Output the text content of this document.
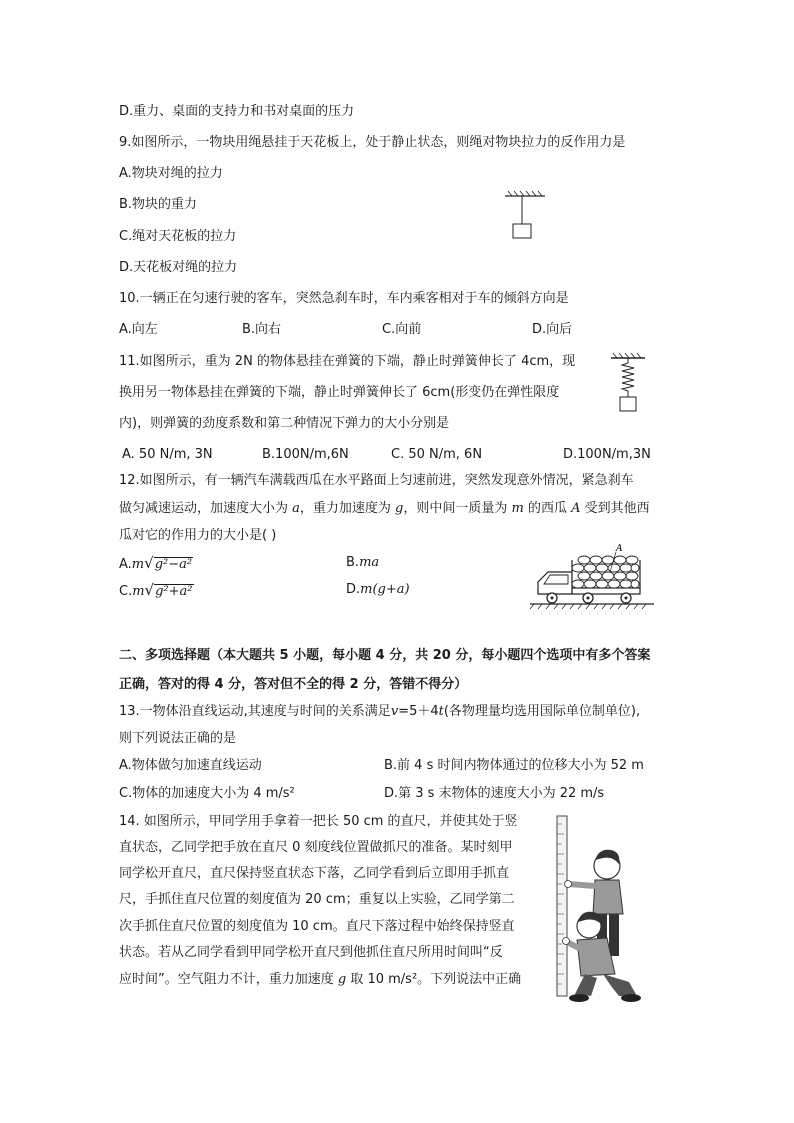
D.重力、桌面的支持力和书对桌面的压力
9.如图所示，一物块用绳悬挂于天花板上，处于静止状态，则绳对物块拉力的反作用力是
A.物块对绳的拉力
B.物块的重力
C.绳对天花板的拉力
D.天花板对绳的拉力
10.一辆正在匀速行驶的客车，突然急刹车时，车内乘客相对于车的倾斜方向是
A.向左	B.向右	C.向前	D.向后
11.如图所示，重为 2N 的物体悬挂在弹簧的下端，静止时弹簧伸长了 4cm，现
换用另一物体悬挂在弹簧的下端，静止时弹簧伸长了 6cm(形变仍在弹性限度
内)，则弹簧的劲度系数和第二种情况下弹力的大小分别是
A. 50 N/m, 3N	B.100N/m,6N	C. 50 N/m, 6N	D.100N/m,3N
12.如图所示，有一辆汽车满载西瓜在水平路面上匀速前进，突然发现意外情况，紧急刹车
做匀减速运动，加速度大小为 a，重力加速度为 g，则中间一质量为 m 的西瓜 A 受到其他西
瓜对它的作用力的大小是( )
A.m√g²−a²	B.ma
C.m√g²+a²	D.m(g+a)
A
二、多项选择题（本大题共 5 小题，每小题 4 分，共 20 分，每小题四个选项中有多个答案
正确，答对的得 4 分，答对但不全的得 2 分，答错不得分）
13.一物体沿直线运动,其速度与时间的关系满足v=5＋4t(各物理量均选用国际单位制单位),
则下列说法正确的是
A.物体做匀加速直线运动	B.前 4 s 时间内物体通过的位移大小为 52 m
C.物体的加速度大小为 4 m/s²	D.第 3 s 末物体的速度大小为 22 m/s
14. 如图所示，甲同学用手拿着一把长 50 cm 的直尺，并使其处于竖
直状态，乙同学把手放在直尺 0 刻度线位置做抓尺的准备。某时刻甲
同学松开直尺，直尺保持竖直状态下落，乙同学看到后立即用手抓直
尺，手抓住直尺位置的刻度值为 20 cm；重复以上实验，乙同学第二
次手抓住直尺位置的刻度值为 10 cm。直尺下落过程中始终保持竖直
状态。若从乙同学看到甲同学松开直尺到他抓住直尺所用时间叫“反
应时间”。空气阻力不计，重力加速度 g 取 10 m/s²。下列说法中正确
